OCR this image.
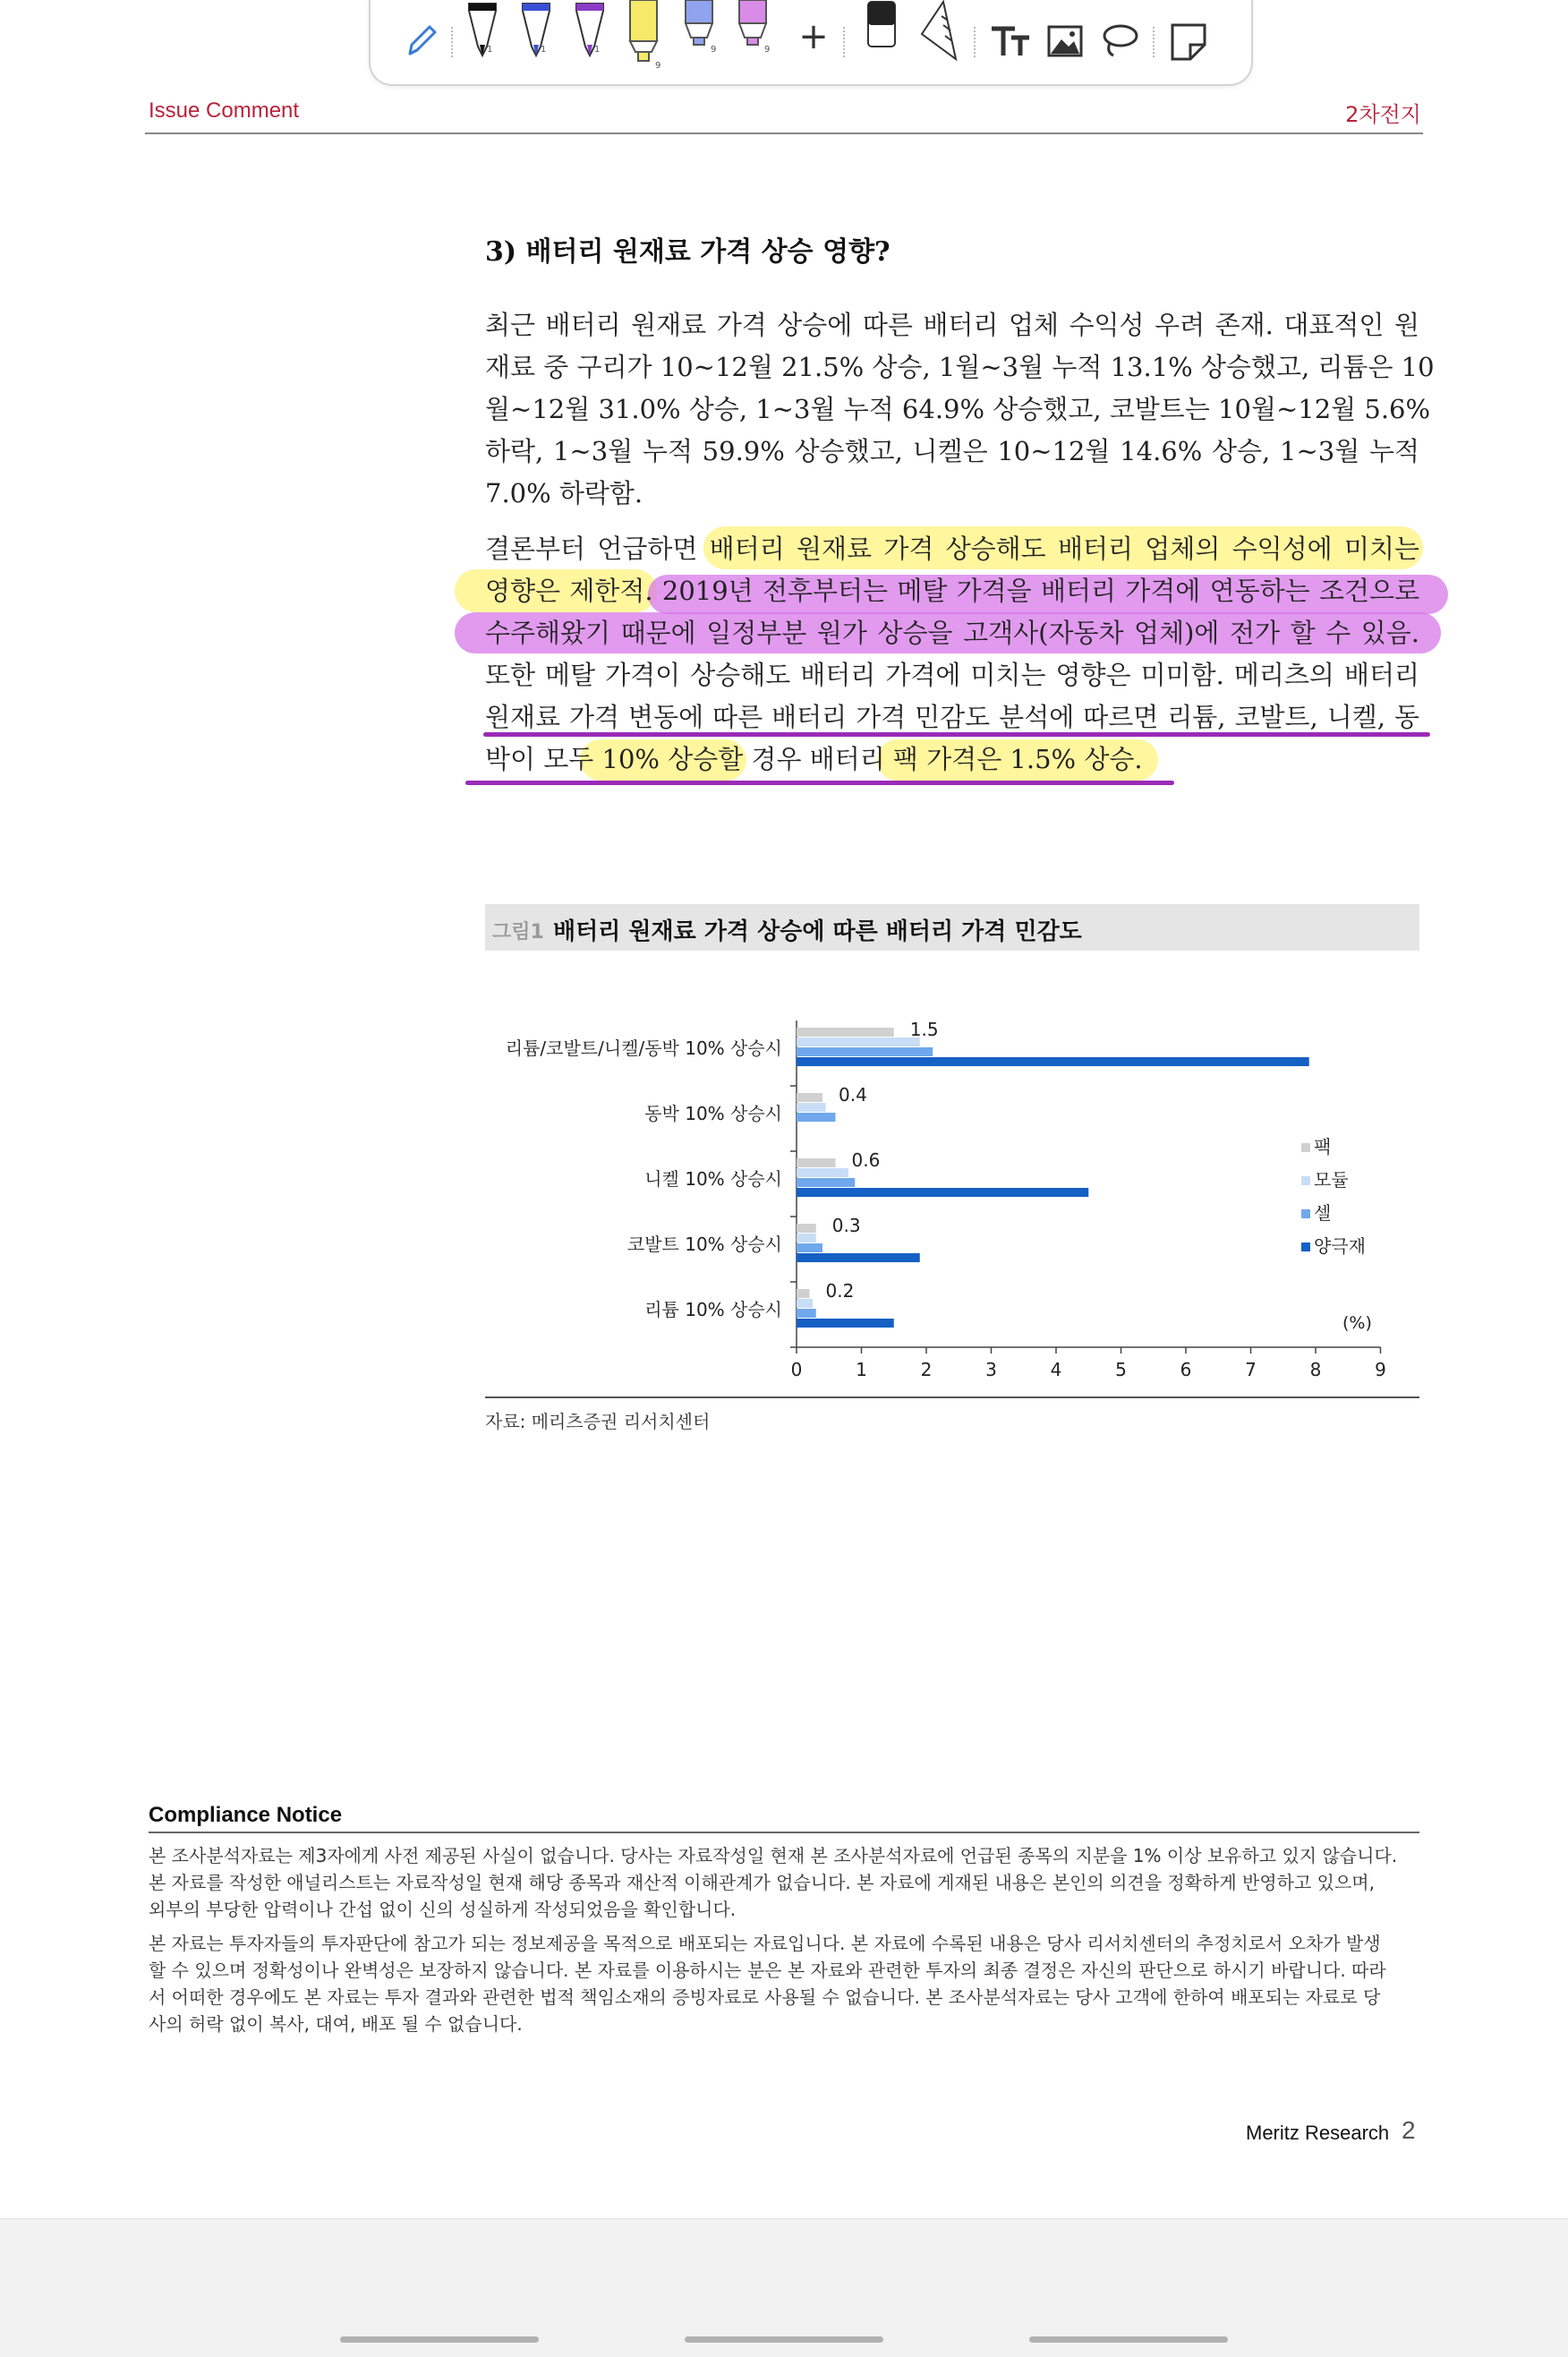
+
1	1	1
9
9	9
Issue Comment	2차전지
3) 배터리 원재료 가격 상승 영향?
최근 배터리 원재료 가격 상승에 따른 배터리 업체 수익성 우려 존재. 대표적인 원
재료 중 구리가 10~12월 21.5% 상승, 1월~3월 누적 13.1% 상승했고, 리튬은 10
월~12월 31.0% 상승, 1~3월 누적 64.9% 상승했고, 코발트는 10월~12월 5.6%
하락, 1~3월 누적 59.9% 상승했고, 니켈은 10~12월 14.6% 상승, 1~3월 누적
7.0% 하락함.
결론부터 언급하면 배터리 원재료 가격 상승해도 배터리 업체의 수익성에 미치는
영향은 제한적. 2019년 전후부터는 메탈 가격을 배터리 가격에 연동하는 조건으로
수주해왔기 때문에 일정부분 원가 상승을 고객사(자동차 업체)에 전가 할 수 있음.
또한 메탈 가격이 상승해도 배터리 가격에 미치는 영향은 미미함. 메리츠의 배터리
원재료 가격 변동에 따른 배터리 가격 민감도 분석에 따르면 리튬, 코발트, 니켈, 동
박이 모두 10% 상승할 경우 배터리 팩 가격은 1.5% 상승.
그림1 배터리 원재료 가격 상승에 따른 배터리 가격 민감도
0	1	2	3	4	5	6	7	8	9
리튬/코발트/니켈/동박 10% 상승시
1.5
동박 10% 상승시
0.4
니켈 10% 상승시
0.6
코발트 10% 상승시
0.3
리튬 10% 상승시
0.2
팩
모듈
셀
양극재
(%)
자료: 메리츠증권 리서치센터
Compliance Notice
본 조사분석자료는 제3자에게 사전 제공된 사실이 없습니다. 당사는 자료작성일 현재 본 조사분석자료에 언급된 종목의 지분을 1% 이상 보유하고 있지 않습니다.
본 자료를 작성한 애널리스트는 자료작성일 현재 해당 종목과 재산적 이해관계가 없습니다. 본 자료에 게재된 내용은 본인의 의견을 정확하게 반영하고 있으며,
외부의 부당한 압력이나 간섭 없이 신의 성실하게 작성되었음을 확인합니다.
본 자료는 투자자들의 투자판단에 참고가 되는 정보제공을 목적으로 배포되는 자료입니다. 본 자료에 수록된 내용은 당사 리서치센터의 추정치로서 오차가 발생
할 수 있으며 정확성이나 완벽성은 보장하지 않습니다. 본 자료를 이용하시는 분은 본 자료와 관련한 투자의 최종 결정은 자신의 판단으로 하시기 바랍니다. 따라
서 어떠한 경우에도 본 자료는 투자 결과와 관련한 법적 책임소재의 증빙자료로 사용될 수 없습니다. 본 조사분석자료는 당사 고객에 한하여 배포되는 자료로 당
사의 허락 없이 복사, 대여, 배포 될 수 없습니다.
Meritz Research 2
